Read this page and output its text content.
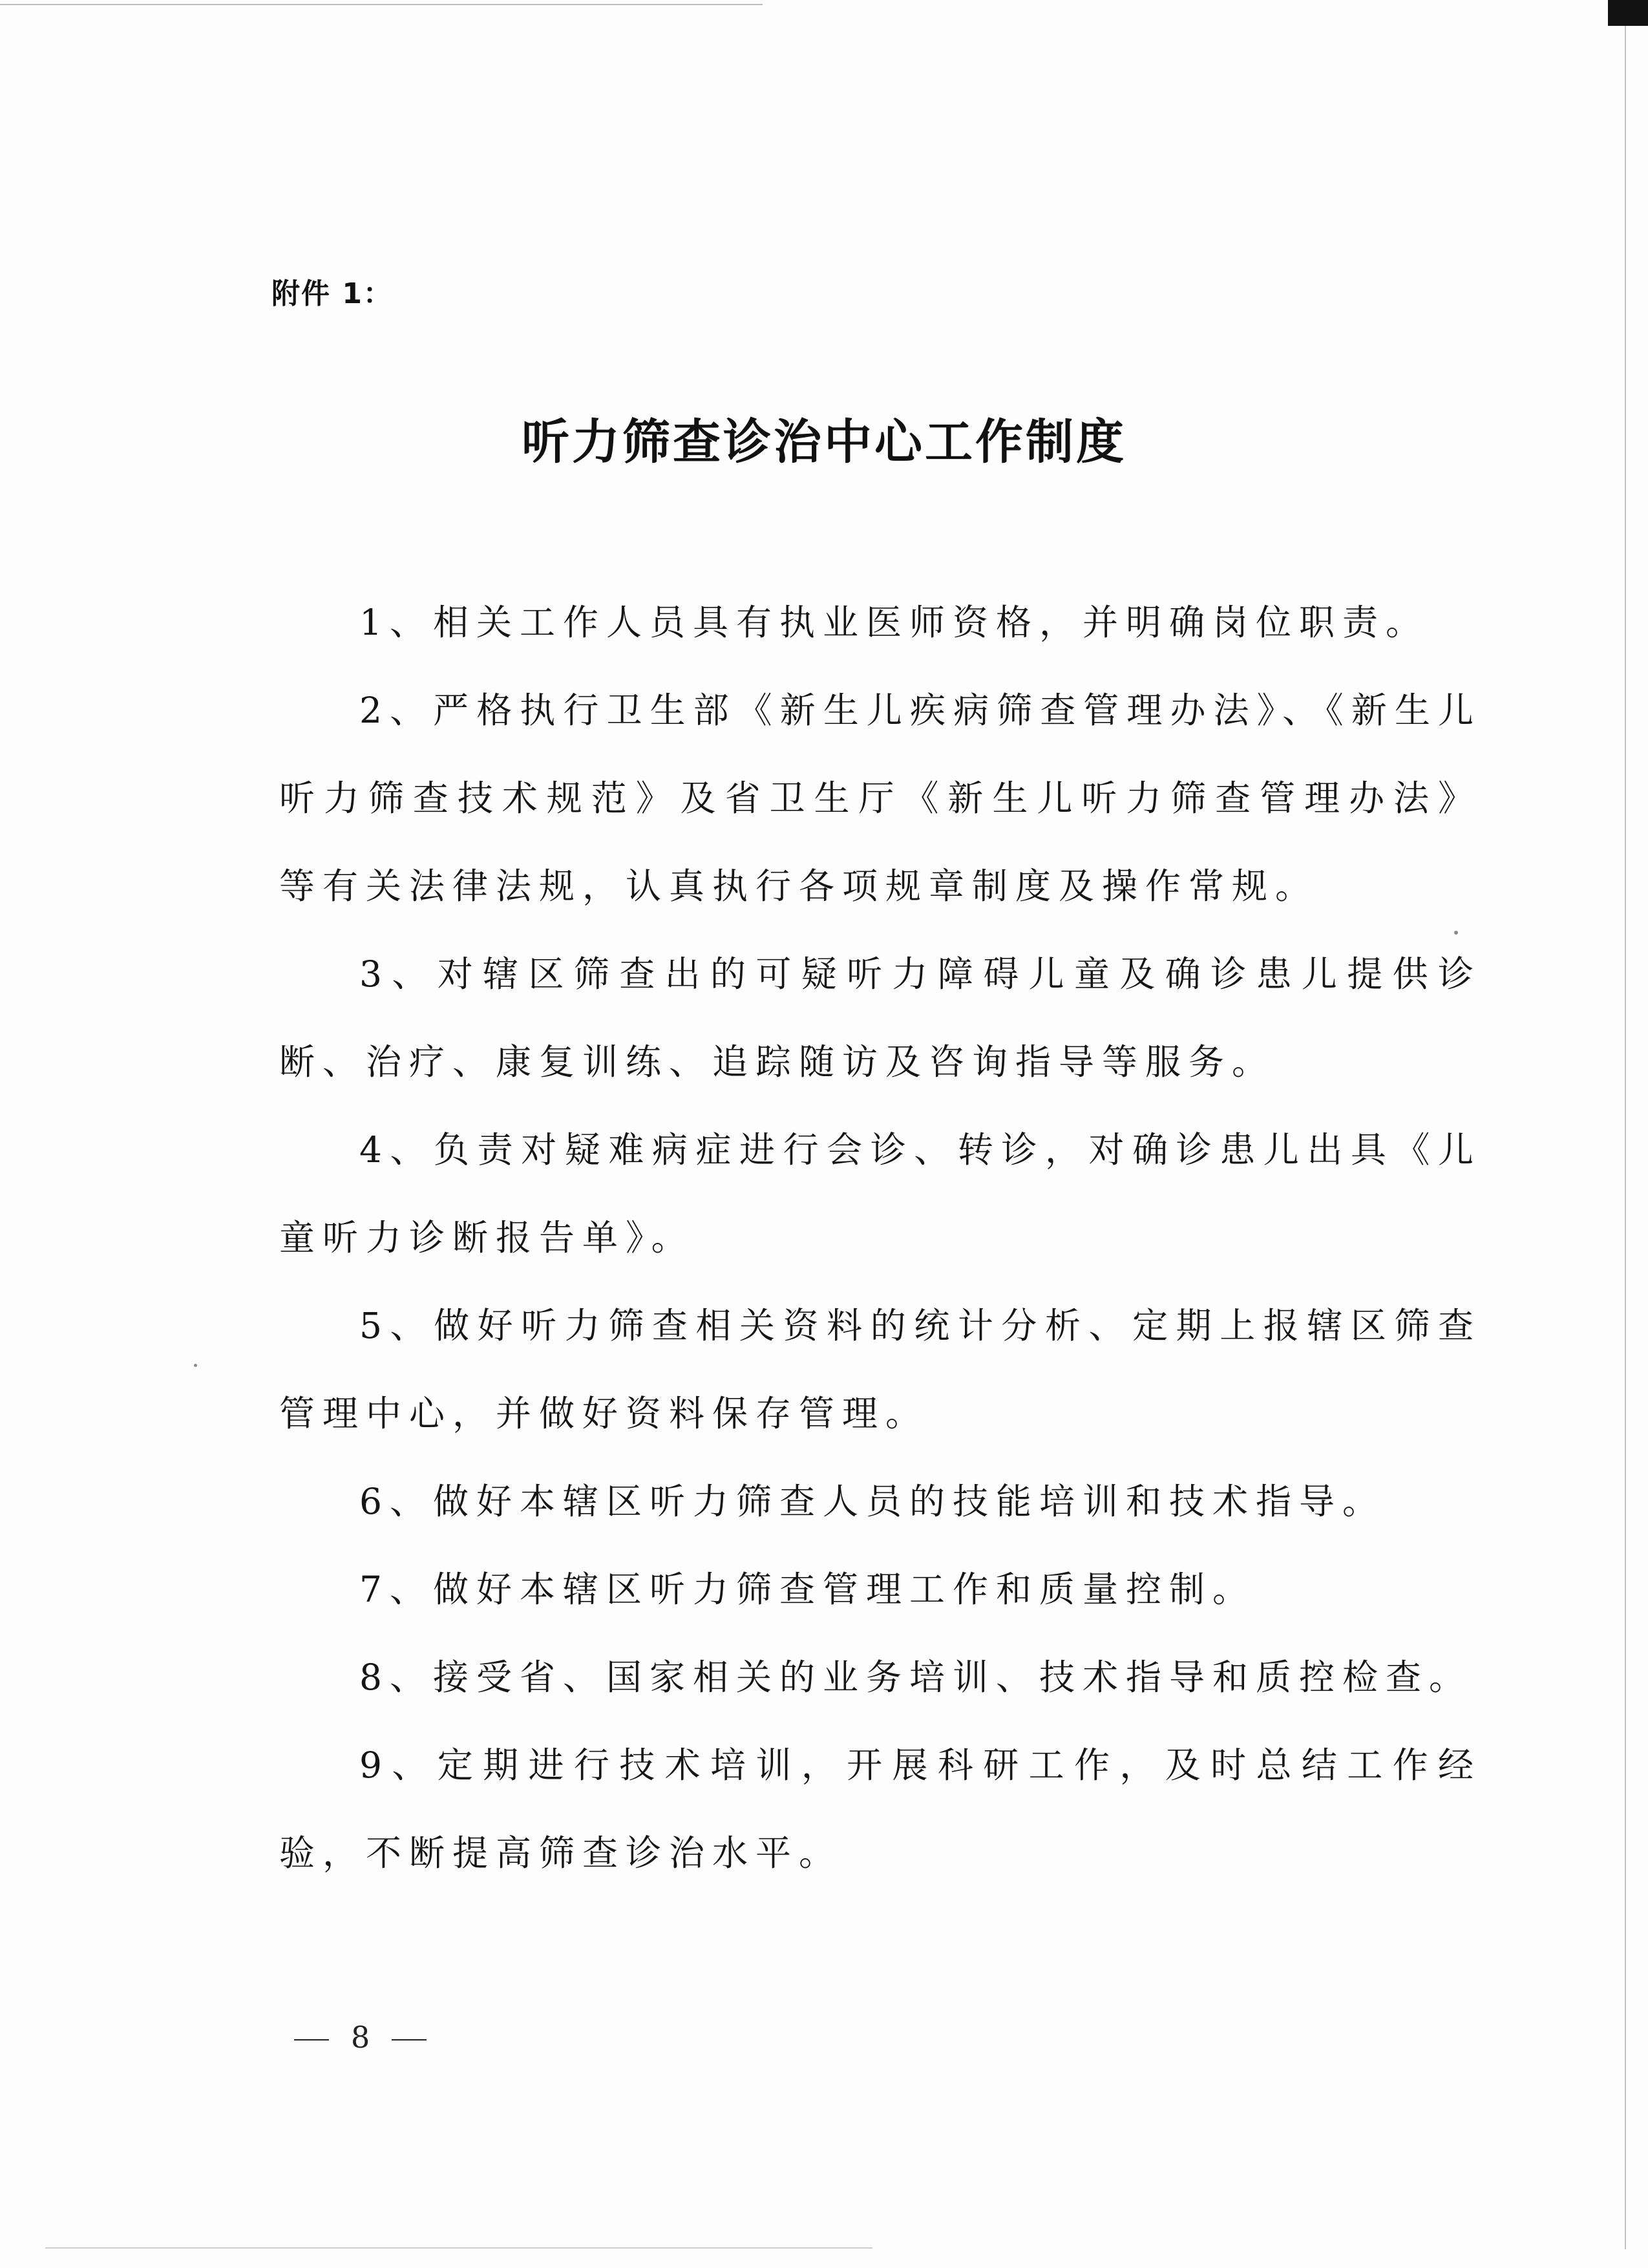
附件 1：
听力筛查诊治中心工作制度

1、相关工作人员具有执业医师资格，并明确岗位职责。

2、严格执行卫生部《新生儿疾病筛查管理办法》、《新生儿听力筛查技术规范》及省卫生厅《新生儿听力筛查管理办法》等有关法律法规，认真执行各项规章制度及操作常规。

3、对辖区筛查出的可疑听力障碍儿童及确诊患儿提供诊断、治疗、康复训练、追踪随访及咨询指导等服务。

4、负责对疑难病症进行会诊、转诊，对确诊患儿出具《儿童听力诊断报告单》。

5、做好听力筛查相关资料的统计分析、定期上报辖区筛查管理中心，并做好资料保存管理。

6、做好本辖区听力筛查人员的技能培训和技术指导。

7、做好本辖区听力筛查管理工作和质量控制。

8、接受省、国家相关的业务培训、技术指导和质控检查。

9、定期进行技术培训，开展科研工作，及时总结工作经验，不断提高筛查诊治水平。

8
